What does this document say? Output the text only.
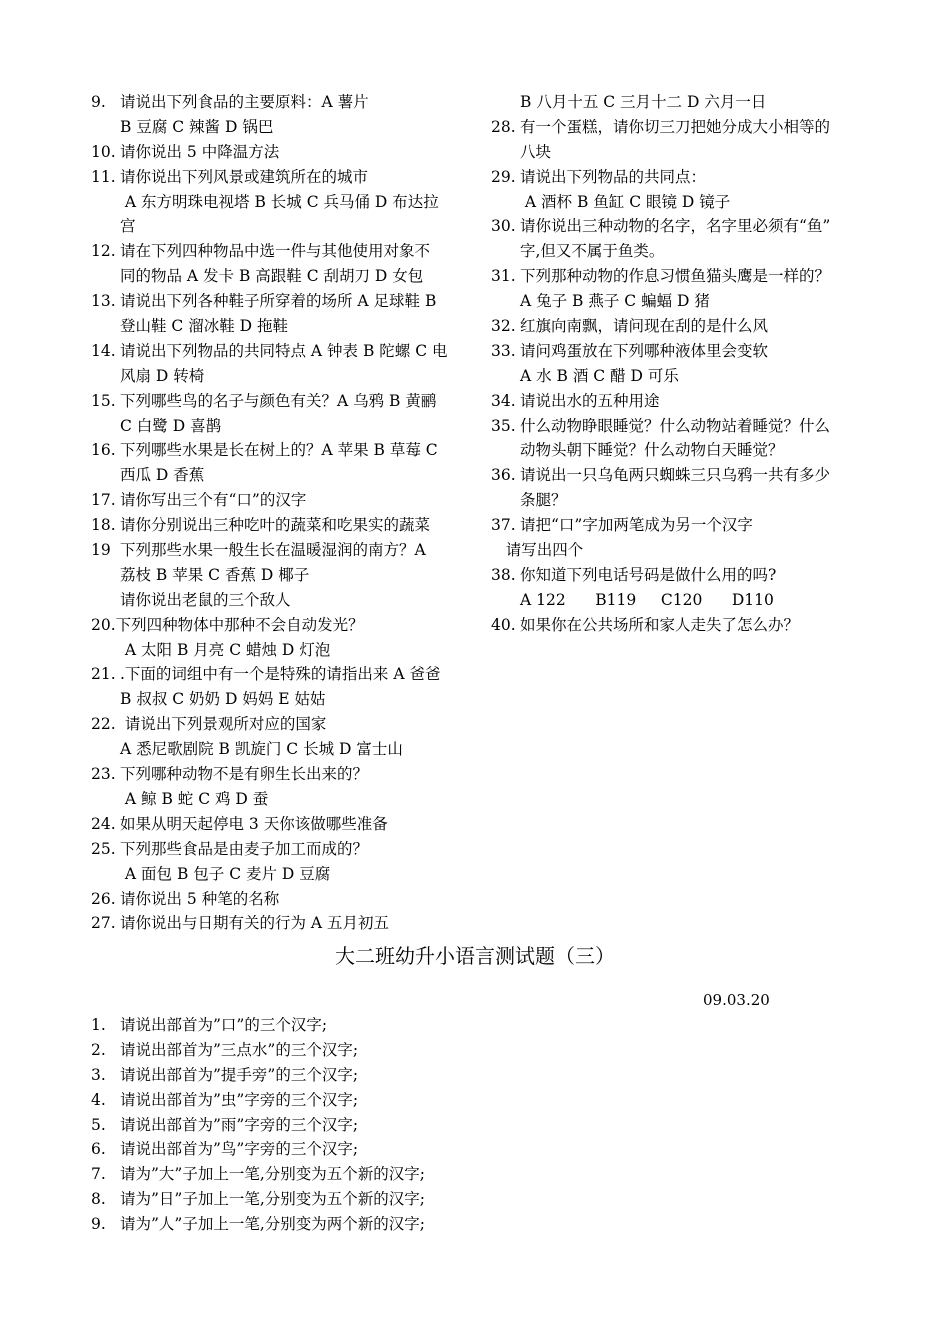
9. 请说出下列食品的主要原料：A 薯片
B 豆腐 C 辣酱 D 锅巴
10. 请你说出 5 中降温方法
11. 请你说出下列风景或建筑所在的城市
A 东方明珠电视塔 B 长城 C 兵马俑 D 布达拉
宫
12. 请在下列四种物品中选一件与其他使用对象不
同的物品 A 发卡 B 高跟鞋 C 刮胡刀 D 女包
13. 请说出下列各种鞋子所穿着的场所 A 足球鞋 B
登山鞋 C 溜冰鞋 D 拖鞋
14. 请说出下列物品的共同特点 A 钟表 B 陀螺 C 电
风扇 D 转椅
15. 下列哪些鸟的名子与颜色有关？A 乌鸦 B 黄鹂
C 白鹭 D 喜鹊
16. 下列哪些水果是长在树上的？A 苹果 B 草莓 C
西瓜 D 香蕉
17. 请你写出三个有“口”的汉字
18. 请你分别说出三种吃叶的蔬菜和吃果实的蔬菜
19 下列那些水果一般生长在温暖湿润的南方？A
荔枝 B 苹果 C 香蕉 D 椰子
请你说出老鼠的三个敌人
20.下列四种物体中那种不会自动发光？
A 太阳 B 月亮 C 蜡烛 D 灯泡
21. .下面的词组中有一个是特殊的请指出来 A 爸爸
B 叔叔 C 奶奶 D 妈妈 E 姑姑
22. 请说出下列景观所对应的国家
A 悉尼歌剧院 B 凯旋门 C 长城 D 富士山
23. 下列哪种动物不是有卵生长出来的？
A 鲸 B 蛇 C 鸡 D 蚕
24. 如果从明天起停电 3 天你该做哪些准备
25. 下列那些食品是由麦子加工而成的？
A 面包 B 包子 C 麦片 D 豆腐
26. 请你说出 5 种笔的名称
27. 请你说出与日期有关的行为 A 五月初五
B 八月十五 C 三月十二 D 六月一日
28. 有一个蛋糕，请你切三刀把她分成大小相等的
八块
29. 请说出下列物品的共同点：
A 酒杯 B 鱼缸 C 眼镜 D 镜子
30. 请你说出三种动物的名字，名字里必须有“鱼”
字,但又不属于鱼类。
31. 下列那种动物的作息习惯鱼猫头鹰是一样的？
A 兔子 B 燕子 C 蝙蝠 D 猪
32. 红旗向南飘，请问现在刮的是什么风
33. 请问鸡蛋放在下列哪种液体里会变软
A 水 B 酒 C 醋 D 可乐
34. 请说出水的五种用途
35. 什么动物睁眼睡觉？什么动物站着睡觉？什么
动物头朝下睡觉？什么动物白天睡觉？
36. 请说出一只乌龟两只蜘蛛三只乌鸦一共有多少
条腿？
37. 请把“口”字加两笔成为另一个汉字
请写出四个
38. 你知道下列电话号码是做什么用的吗?
A 122      B119     C120      D110
40. 如果你在公共场所和家人走失了怎么办？
大二班幼升小语言测试题（三）
09.03.20
1. 请说出部首为”口”的三个汉字;
2. 请说出部首为”三点水”的三个汉字;
3. 请说出部首为”提手旁”的三个汉字;
4. 请说出部首为”虫”字旁的三个汉字;
5. 请说出部首为”雨”字旁的三个汉字;
6. 请说出部首为”鸟”字旁的三个汉字;
7. 请为”大”子加上一笔,分别变为五个新的汉字;
8. 请为”日”子加上一笔,分别变为五个新的汉字;
9. 请为”人”子加上一笔,分别变为两个新的汉字;
